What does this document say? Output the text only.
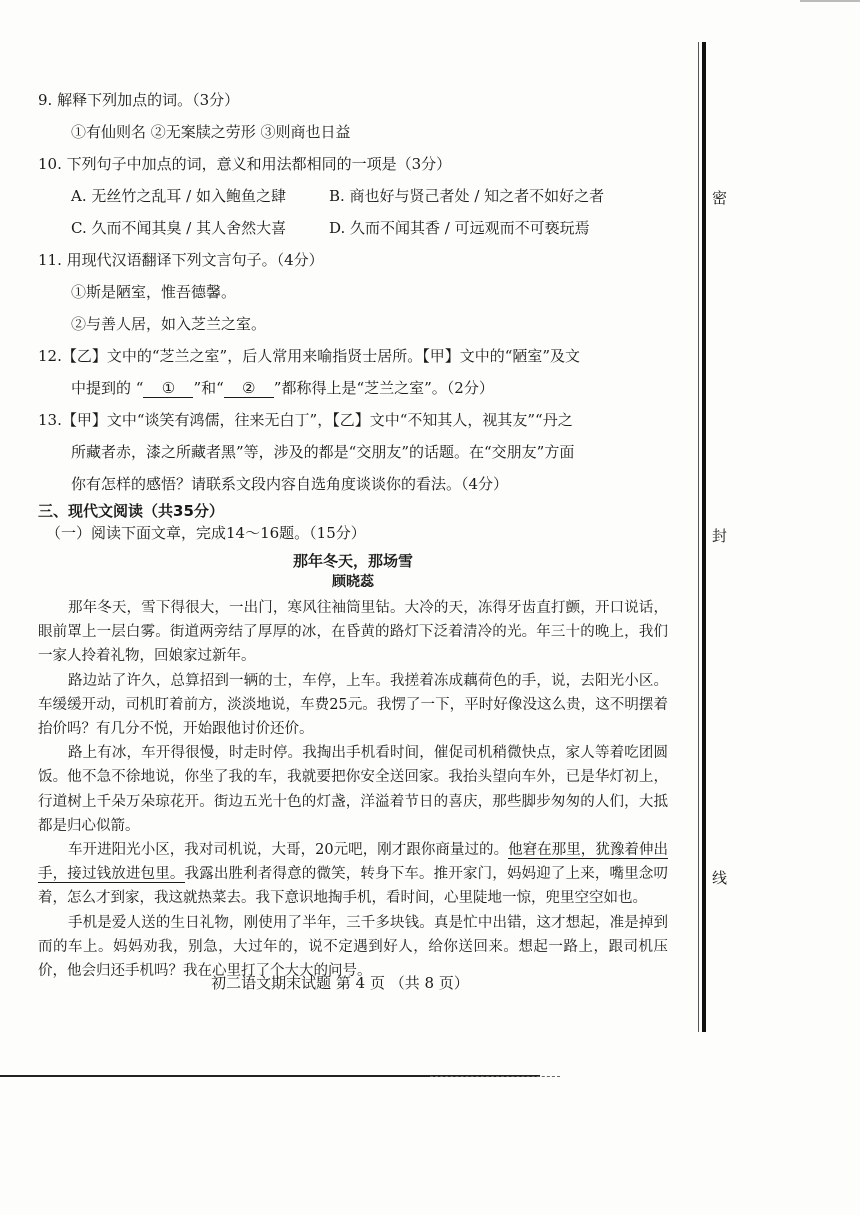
9. 解释下列加点的词。（3分）
①有仙则名 ②无案牍之劳形 ③则商也日益
10. 下列句子中加点的词，意义和用法都相同的一项是（3分）
A. 无丝竹之乱耳 / 如入鲍鱼之肆	B. 商也好与贤己者处 / 知之者不如好之者
C. 久而不闻其臭 / 其人舍然大喜	D. 久而不闻其香 / 可远观而不可亵玩焉
11. 用现代汉语翻译下列文言句子。（4分）
①斯是陋室，惟吾德馨。
②与善人居，如入芝兰之室。
12.【乙】文中的“芝兰之室”，后人常用来喻指贤士居所。【甲】文中的“陋室”及文
中提到的 “ ① ”和“ ② ”都称得上是“芝兰之室”。（2分）
13.【甲】文中“谈笑有鸿儒，往来无白丁”，【乙】文中“不知其人，视其友”“丹之
所藏者赤，漆之所藏者黑”等，涉及的都是“交朋友”的话题。在“交朋友”方面
你有怎样的感悟？请联系文段内容自选角度谈谈你的看法。（4分）
三、现代文阅读（共35分）
（一）阅读下面文章，完成14～16题。（15分）
那年冬天，那场雪
顾晓蕊
那年冬天，雪下得很大，一出门，寒风往袖筒里钻。大冷的天，冻得牙齿直打颤，开口说话，眼前罩上一层白雾。街道两旁结了厚厚的冰，在昏黄的路灯下泛着清冷的光。年三十的晚上，我们一家人拎着礼物，回娘家过新年。
路边站了许久，总算招到一辆的士，车停，上车。我搓着冻成藕荷色的手，说，去阳光小区。车缓缓开动，司机盯着前方，淡淡地说，车费25元。我愣了一下，平时好像没这么贵，这不明摆着抬价吗？有几分不悦，开始跟他讨价还价。
路上有冰，车开得很慢，时走时停。我掏出手机看时间，催促司机稍微快点，家人等着吃团圆饭。他不急不徐地说，你坐了我的车，我就要把你安全送回家。我抬头望向车外，已是华灯初上，行道树上千朵万朵琼花开。街边五光十色的灯盏，洋溢着节日的喜庆，那些脚步匆匆的人们，大抵都是归心似箭。
车开进阳光小区，我对司机说，大哥，20元吧，刚才跟你商量过的。他窘在那里，犹豫着伸出手，接过钱放进包里。我露出胜利者得意的微笑，转身下车。推开家门，妈妈迎了上来，嘴里念叨着，怎么才到家，我这就热菜去。我下意识地掏手机，看时间，心里陡地一惊，兜里空空如也。
手机是爱人送的生日礼物，刚使用了半年，三千多块钱。真是忙中出错，这才想起，准是掉到而的车上。妈妈劝我，别急，大过年的，说不定遇到好人，给你送回来。想起一路上，跟司机压价，他会归还手机吗？我在心里打了个大大的问号。
初二语文期末试题 第 4 页 （共 8 页）
密
封
线
